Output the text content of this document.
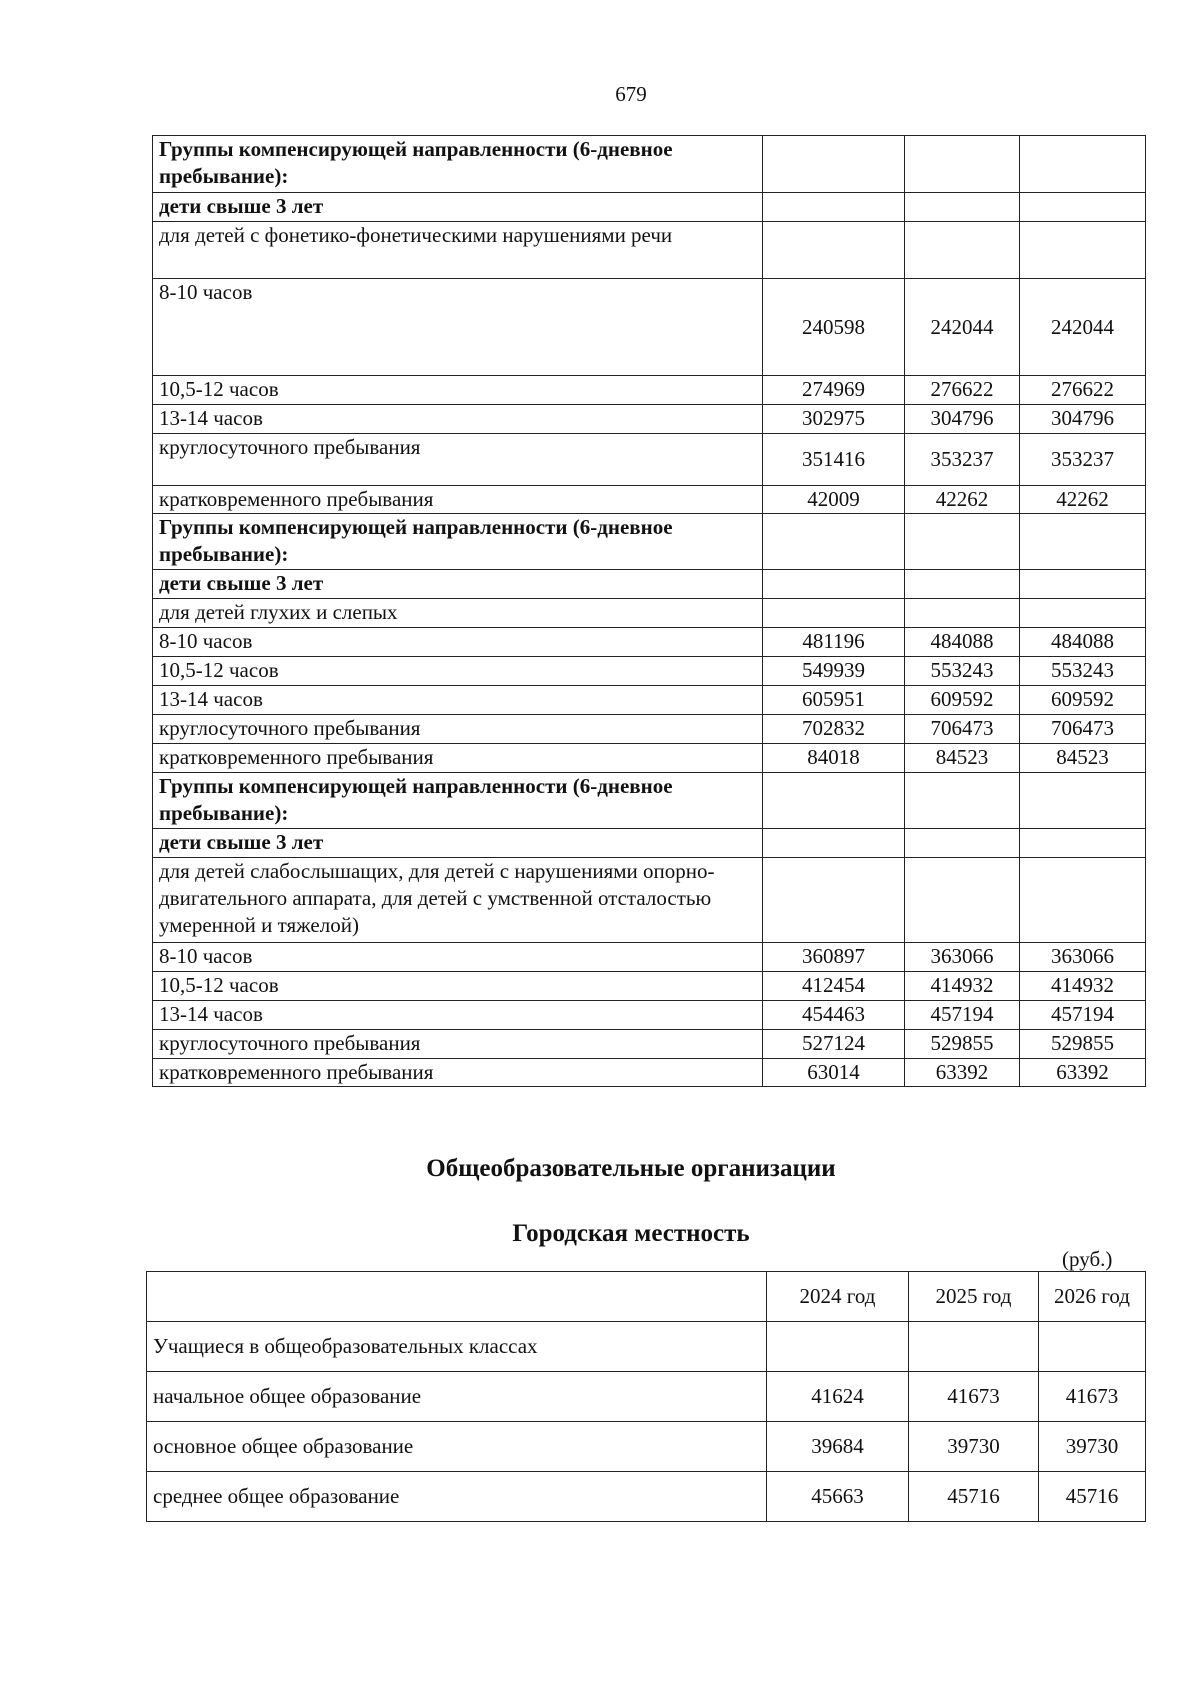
679
Группы компенсирующей направленности (6-дневное пребывание):			
дети свыше 3 лет			
для детей с фонетико-фонетическими нарушениями речи			
8-10 часов	240598	242044	242044
10,5-12 часов	274969	276622	276622
13-14 часов	302975	304796	304796
круглосуточного пребывания	351416	353237	353237
кратковременного пребывания	42009	42262	42262
Группы компенсирующей направленности (6-дневное пребывание):			
дети свыше 3 лет			
для детей глухих и слепых			
8-10 часов	481196	484088	484088
10,5-12 часов	549939	553243	553243
13-14 часов	605951	609592	609592
круглосуточного пребывания	702832	706473	706473
кратковременного пребывания	84018	84523	84523
Группы компенсирующей направленности (6-дневное пребывание):			
дети свыше 3 лет			
для детей слабослышащих, для детей с нарушениями опорно-двигательного аппарата, для детей с умственной отсталостью умеренной и тяжелой)			
8-10 часов	360897	363066	363066
10,5-12 часов	412454	414932	414932
13-14 часов	454463	457194	457194
круглосуточного пребывания	527124	529855	529855
кратковременного пребывания	63014	63392	63392
Общеобразовательные организации
Городская местность
(руб.)
	2024 год	2025 год	2026 год
Учащиеся в общеобразовательных классах			
начальное общее образование	41624	41673	41673
основное общее образование	39684	39730	39730
среднее общее образование	45663	45716	45716
